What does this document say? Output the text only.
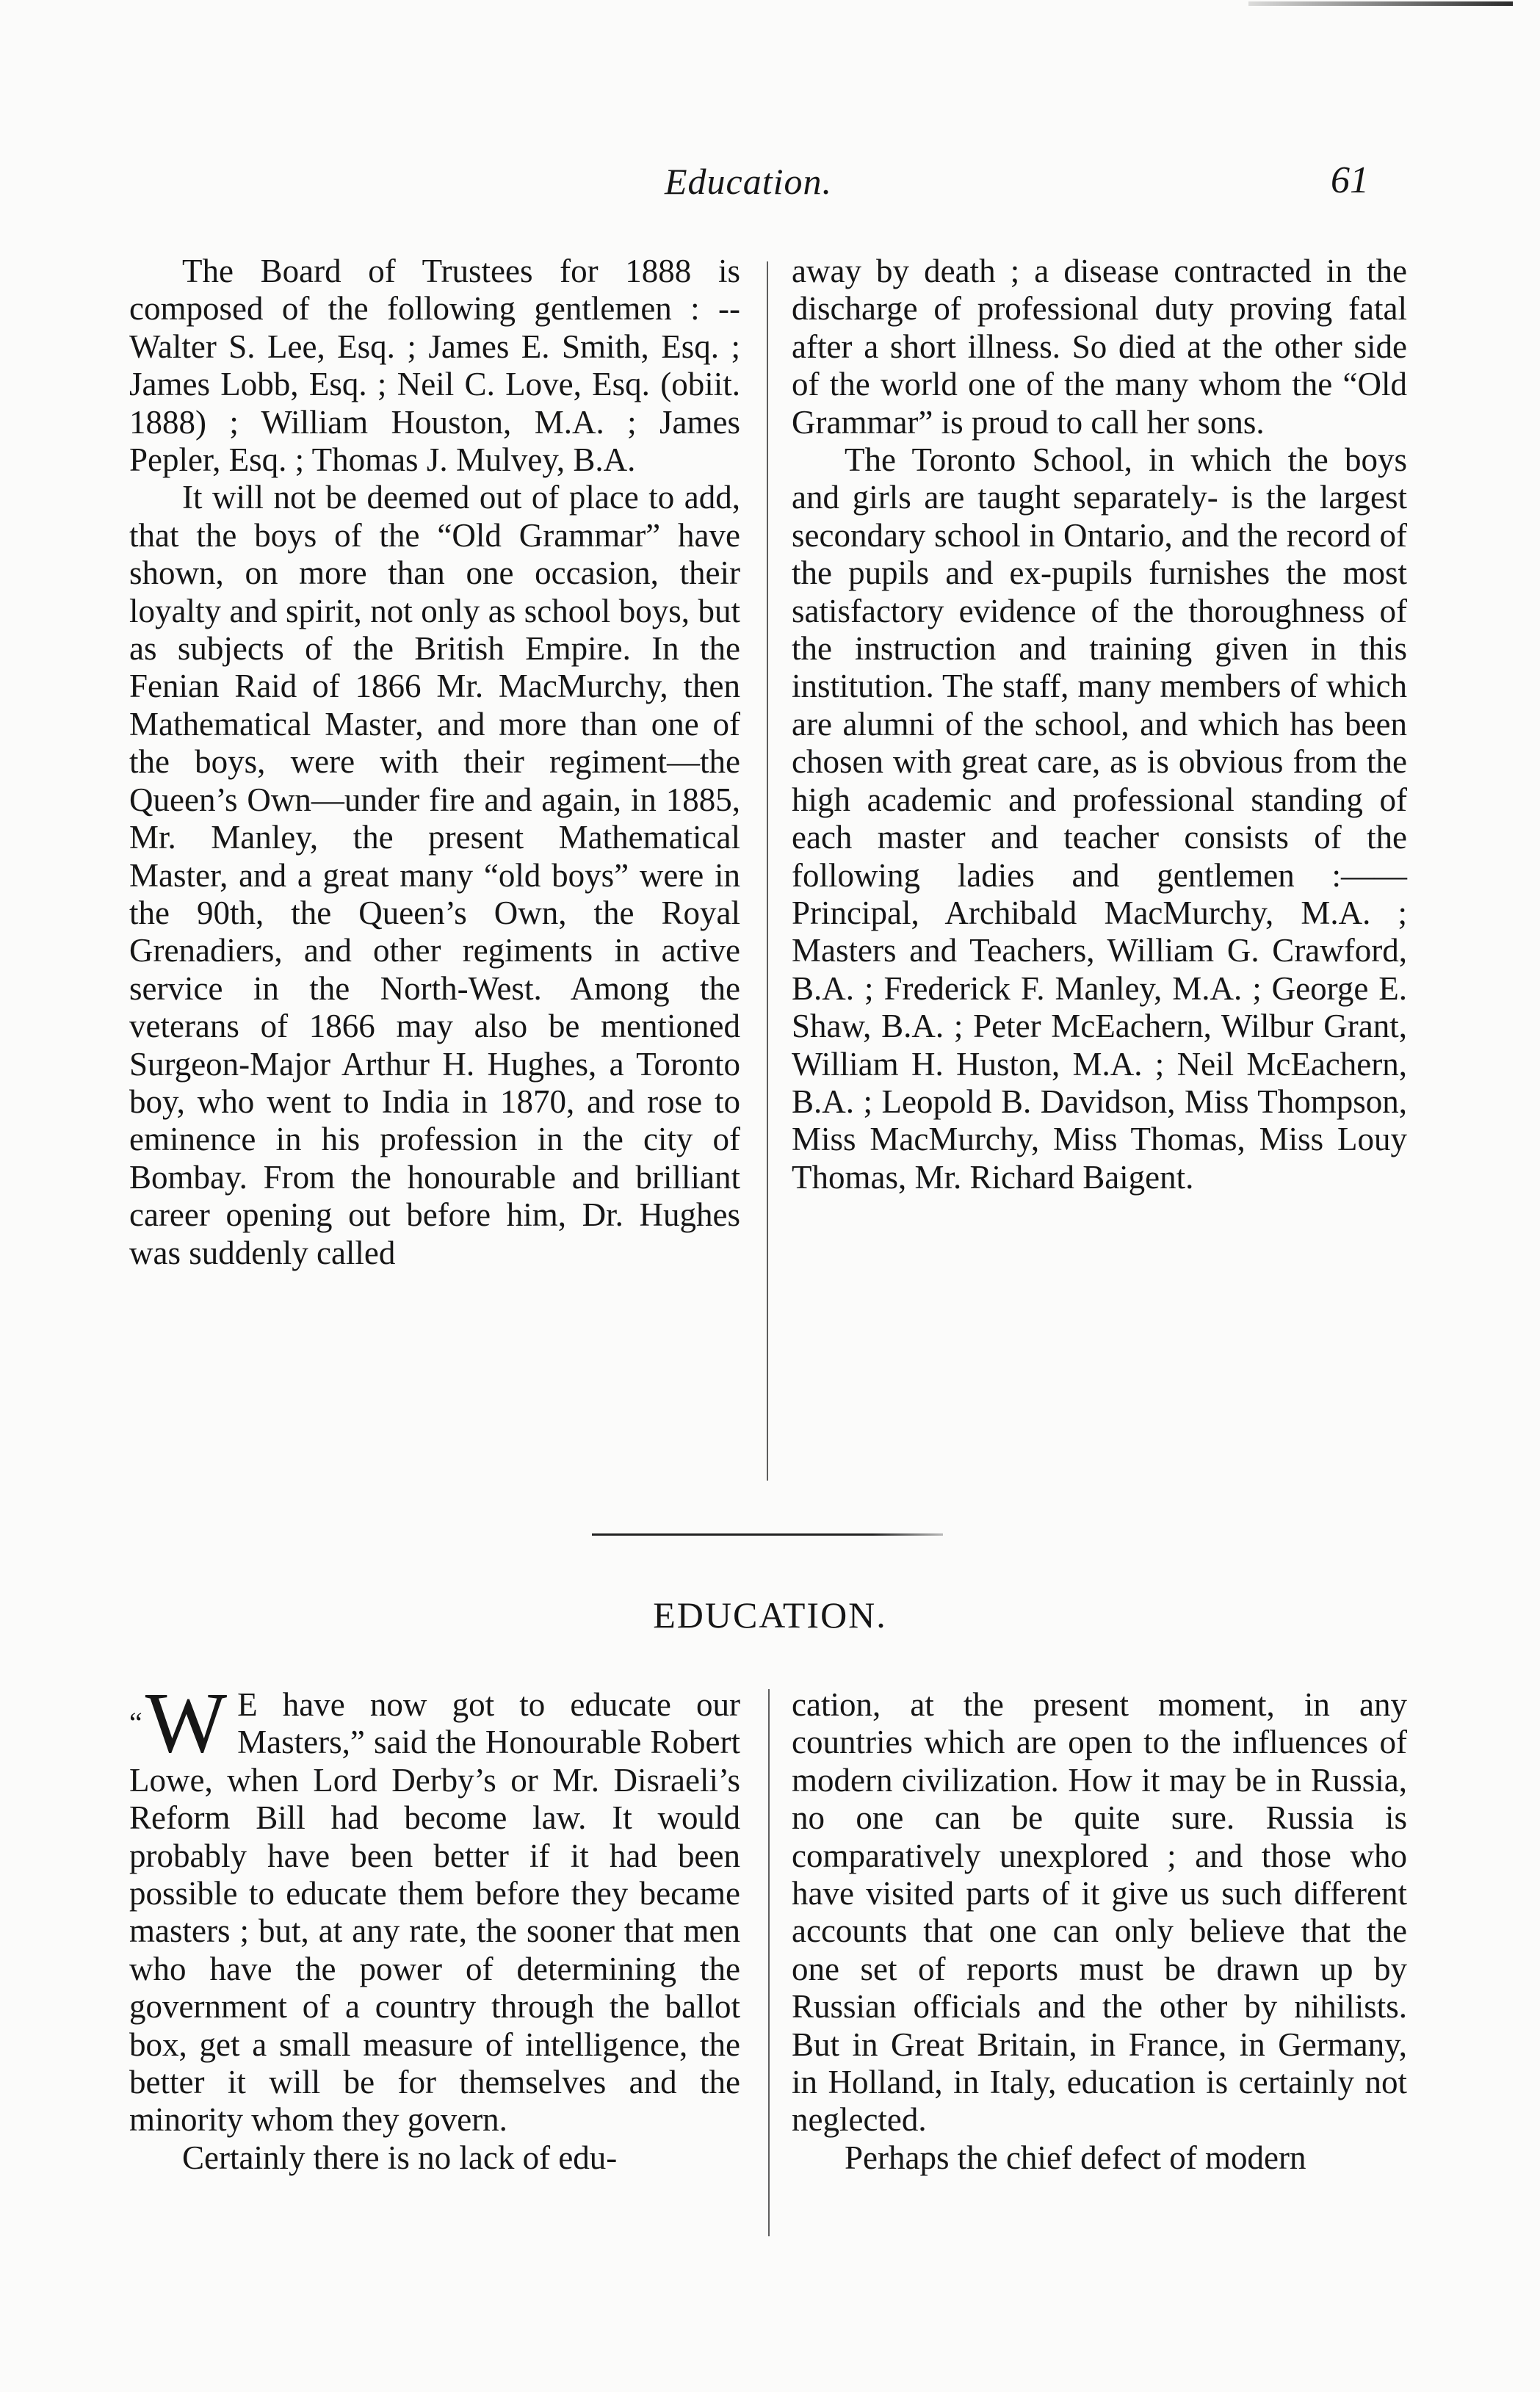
Education.	61

The Board of Trustees for 1888 is composed of the following gentlemen : --Walter S. Lee, Esq. ; James E. Smith, Esq. ; James Lobb, Esq. ; Neil C. Love, Esq. (obiit. 1888) ; William Houston, M.A. ; James Pepler, Esq. ; Thomas J. Mulvey, B.A.

It will not be deemed out of place to add, that the boys of the “Old Grammar” have shown, on more than one occasion, their loyalty and spirit, not only as school boys, but as subjects of the British Empire. In the Fenian Raid of 1866 Mr. MacMurchy, then Mathematical Master, and more than one of the boys, were with their regiment—the Queen’s Own—under fire and again, in 1885, Mr. Manley, the present Mathematical Master, and a great many “old boys” were in the 90th, the Queen’s Own, the Royal Grenadiers, and other regiments in active service in the North-West. Among the veterans of 1866 may also be mentioned Surgeon-Major Arthur H. Hughes, a Toronto boy, who went to India in 1870, and rose to eminence in his profession in the city of Bombay. From the honourable and brilliant career opening out before him, Dr. Hughes was suddenly called

away by death ; a disease contracted in the discharge of professional duty proving fatal after a short illness. So died at the other side of the world one of the many whom the “Old Grammar” is proud to call her sons.

The Toronto School, in which the boys and girls are taught separately- is the largest secondary school in Ontario, and the record of the pupils and ex-pupils furnishes the most satisfactory evidence of the thoroughness of the instruction and training given in this institution. The staff, many members of which are alumni of the school, and which has been chosen with great care, as is obvious from the high academic and professional standing of each master and teacher consists of the following ladies and gentlemen :——Principal, Archibald MacMurchy, M.A. ; Masters and Teachers, William G. Crawford, B.A. ; Frederick F. Manley, M.A. ; George E. Shaw, B.A. ; Peter McEachern, Wilbur Grant, William H. Huston, M.A. ; Neil McEachern, B.A. ; Leopold B. Davidson, Miss Thompson, Miss MacMurchy, Miss Thomas, Miss Louy Thomas, Mr. Richard Baigent.

EDUCATION.

“W E have now got to educate our Masters,” said the Honourable Robert Lowe, when Lord Derby’s or Mr. Disraeli’s Reform Bill had become law. It would probably have been better if it had been possible to educate them before they became masters ; but, at any rate, the sooner that men who have the power of determining the government of a country through the ballot box, get a small measure of intelligence, the better it will be for themselves and the minority whom they govern.

Certainly there is no lack of edu-

cation, at the present moment, in any countries which are open to the influences of modern civilization. How it may be in Russia, no one can be quite sure. Russia is comparatively unexplored ; and those who have visited parts of it give us such different accounts that one can only believe that the one set of reports must be drawn up by Russian officials and the other by nihilists. But in Great Britain, in France, in Germany, in Holland, in Italy, education is certainly not neglected.

Perhaps the chief defect of modern
